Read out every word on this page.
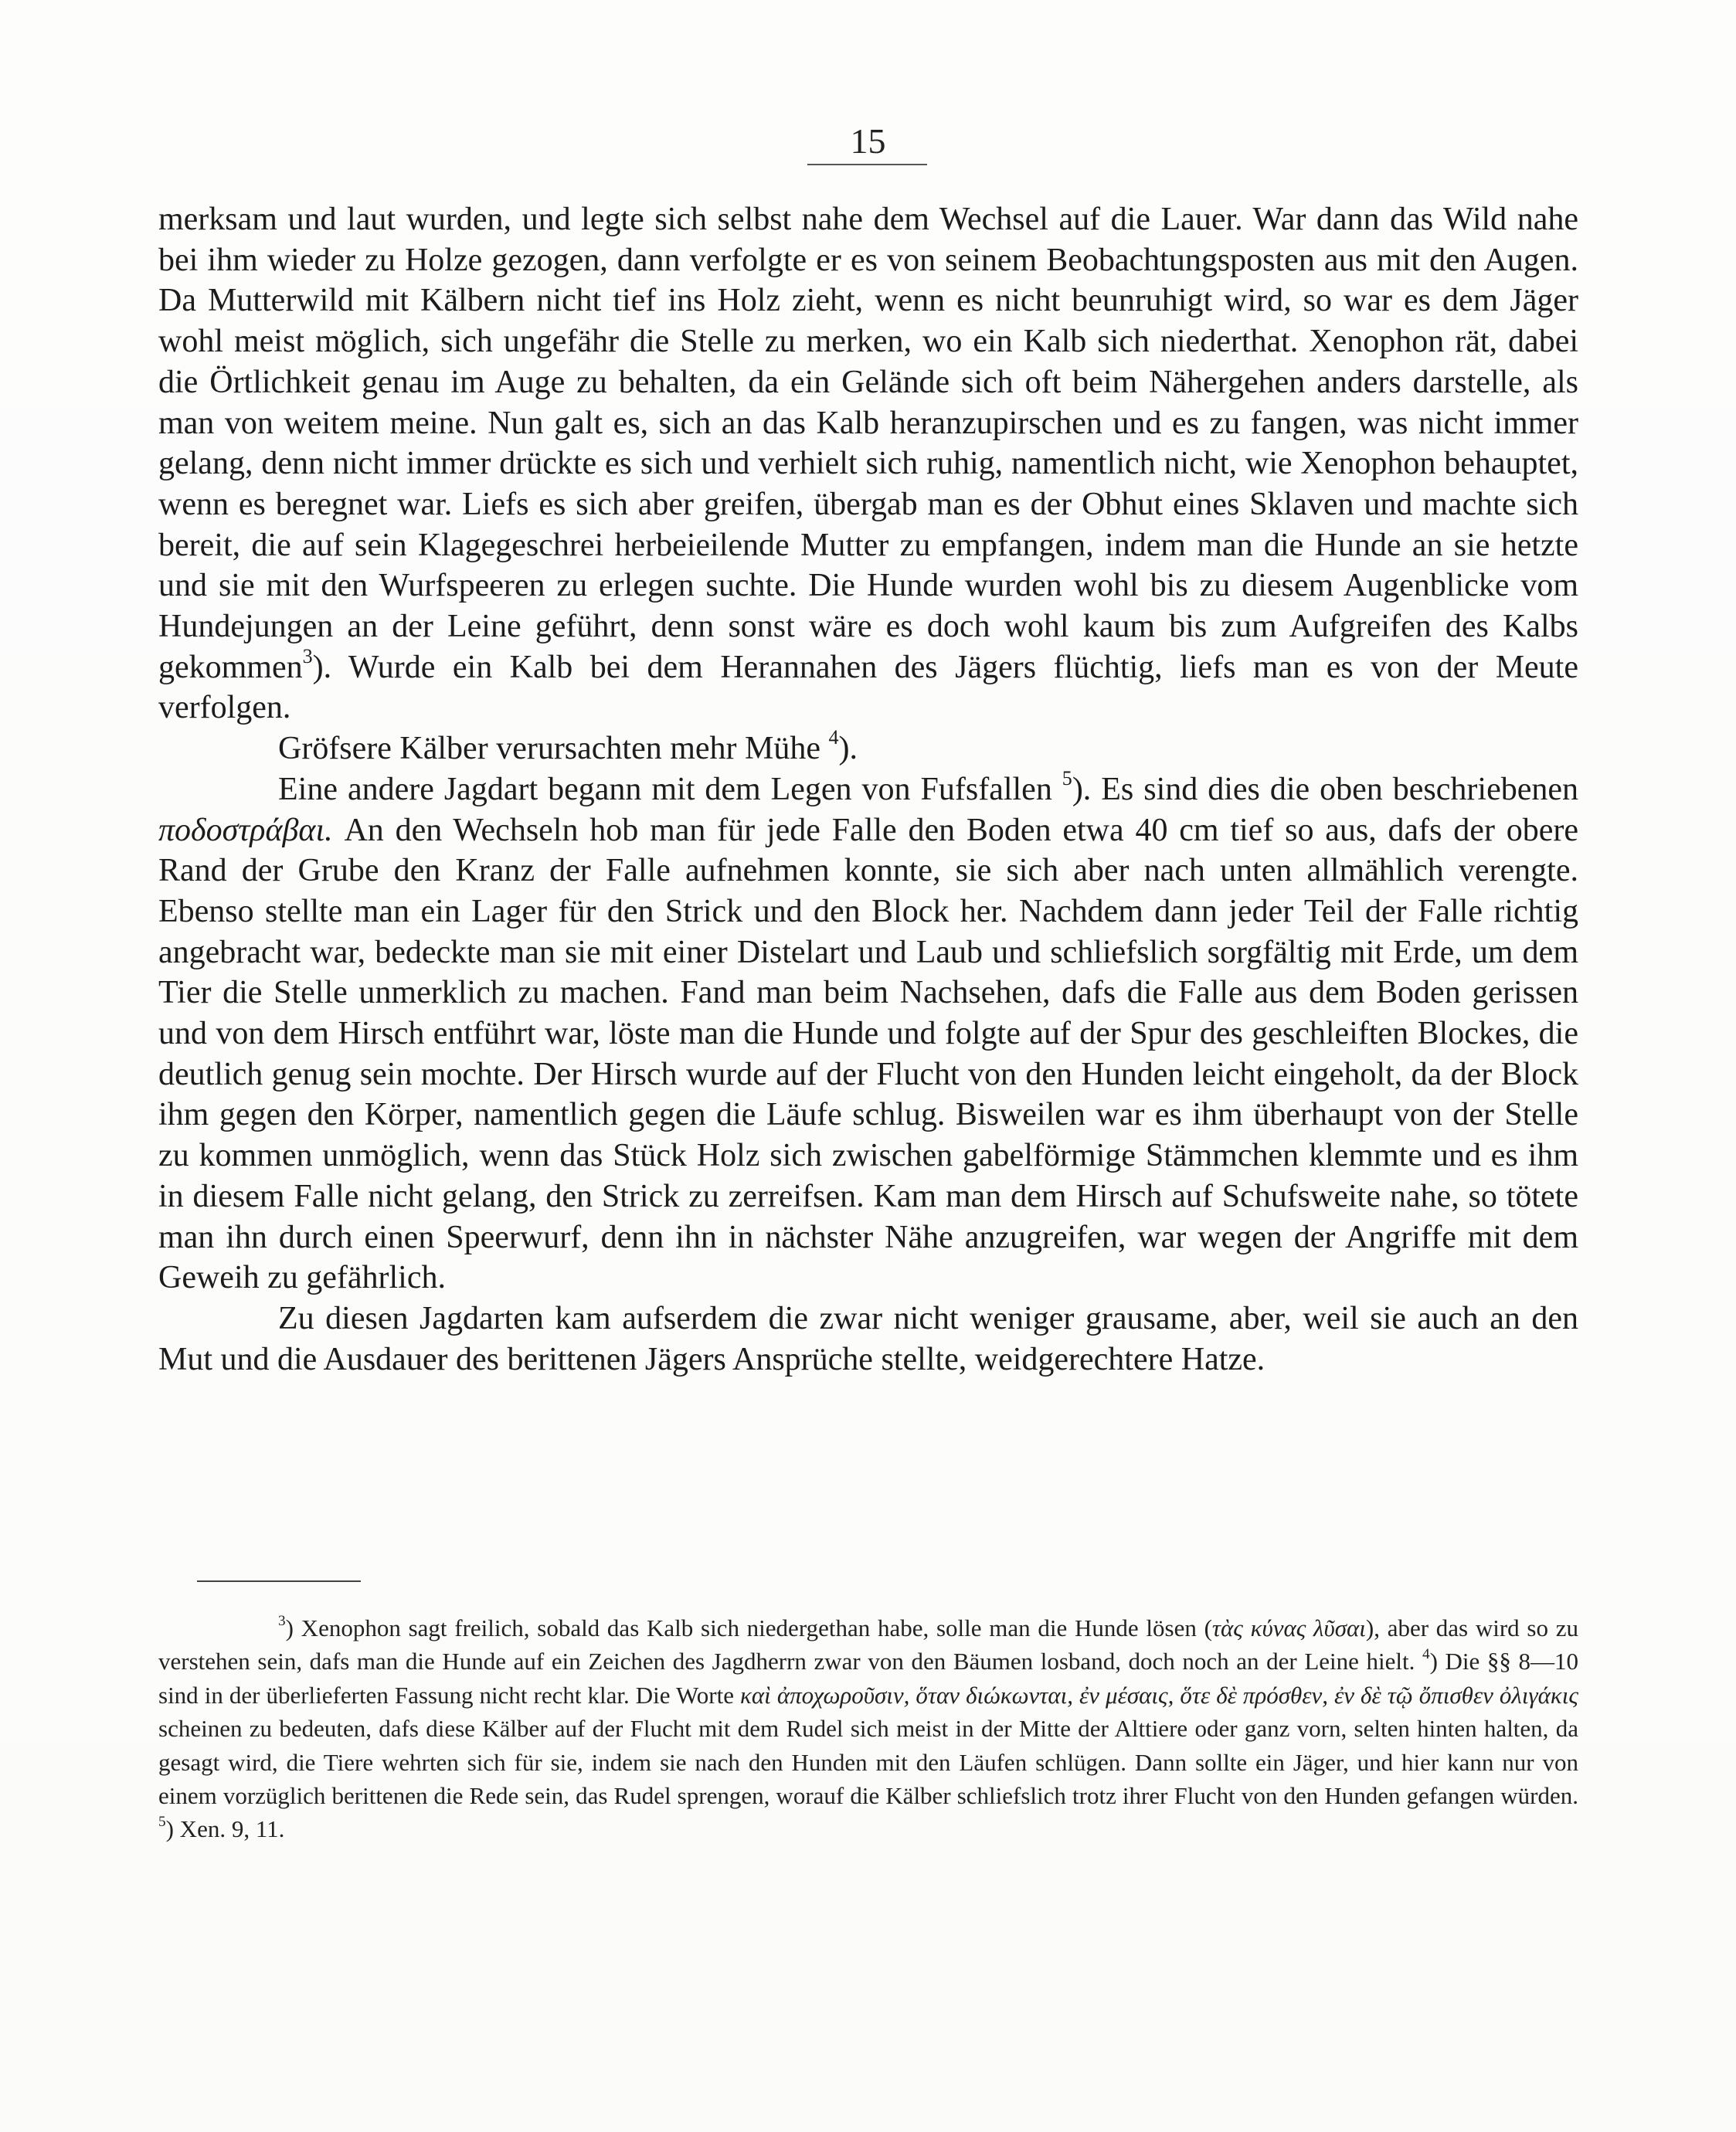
15

merksam und laut wurden, und legte sich selbst nahe dem Wechsel auf die Lauer. War dann das Wild nahe bei ihm wieder zu Holze gezogen, dann verfolgte er es von seinem Beobachtungsposten aus mit den Augen. Da Mutterwild mit Kälbern nicht tief ins Holz zieht, wenn es nicht beunruhigt wird, so war es dem Jäger wohl meist möglich, sich ungefähr die Stelle zu merken, wo ein Kalb sich niederthat. Xenophon rät, dabei die Örtlichkeit genau im Auge zu behalten, da ein Gelände sich oft beim Nähergehen anders darstelle, als man von weitem meine. Nun galt es, sich an das Kalb heranzupirschen und es zu fangen, was nicht immer gelang, denn nicht immer drückte es sich und verhielt sich ruhig, namentlich nicht, wie Xenophon behauptet, wenn es beregnet war. Liefs es sich aber greifen, übergab man es der Obhut eines Sklaven und machte sich bereit, die auf sein Klagegeschrei herbeieilende Mutter zu empfangen, indem man die Hunde an sie hetzte und sie mit den Wurfspeeren zu erlegen suchte. Die Hunde wurden wohl bis zu diesem Augenblicke vom Hundejungen an der Leine geführt, denn sonst wäre es doch wohl kaum bis zum Aufgreifen des Kalbs gekommen$^3$). Wurde ein Kalb bei dem Herannahen des Jägers flüchtig, liefs man es von der Meute verfolgen.

Gröfsere Kälber verursachten mehr Mühe $^4$).

Eine andere Jagdart begann mit dem Legen von Fufsfallen $^5$). Es sind dies die oben beschriebenen ποδοστράβαι. An den Wechseln hob man für jede Falle den Boden etwa 40 cm tief so aus, dafs der obere Rand der Grube den Kranz der Falle aufnehmen konnte, sie sich aber nach unten allmählich verengte. Ebenso stellte man ein Lager für den Strick und den Block her. Nachdem dann jeder Teil der Falle richtig angebracht war, bedeckte man sie mit einer Distelart und Laub und schliefslich sorgfältig mit Erde, um dem Tier die Stelle unmerklich zu machen. Fand man beim Nachsehen, dafs die Falle aus dem Boden gerissen und von dem Hirsch entführt war, löste man die Hunde und folgte auf der Spur des geschleiften Blockes, die deutlich genug sein mochte. Der Hirsch wurde auf der Flucht von den Hunden leicht eingeholt, da der Block ihm gegen den Körper, namentlich gegen die Läufe schlug. Bisweilen war es ihm überhaupt von der Stelle zu kommen unmöglich, wenn das Stück Holz sich zwischen gabelförmige Stämmchen klemmte und es ihm in diesem Falle nicht gelang, den Strick zu zerreifsen. Kam man dem Hirsch auf Schufsweite nahe, so tötete man ihn durch einen Speerwurf, denn ihn in nächster Nähe anzugreifen, war wegen der Angriffe mit dem Geweih zu gefährlich.

Zu diesen Jagdarten kam aufserdem die zwar nicht weniger grausame, aber, weil sie auch an den Mut und die Ausdauer des berittenen Jägers Ansprüche stellte, weidgerechtere Hatze.

$^3$) Xenophon sagt freilich, sobald das Kalb sich niedergethan habe, solle man die Hunde lösen (τὰς κύνας λῦσαι), aber das wird so zu verstehen sein, dafs man die Hunde auf ein Zeichen des Jagdherrn zwar von den Bäumen losband, doch noch an der Leine hielt. $^4$) Die §§ 8—10 sind in der überlieferten Fassung nicht recht klar. Die Worte καὶ ἀποχωροῦσιν, ὅταν διώκωνται, ἐν μέσαις, ὅτε δὲ πρόσθεν, ἐν δὲ τῷ ὄπισθεν ὀλιγάκις scheinen zu bedeuten, dafs diese Kälber auf der Flucht mit dem Rudel sich meist in der Mitte der Alttiere oder ganz vorn, selten hinten halten, da gesagt wird, die Tiere wehrten sich für sie, indem sie nach den Hunden mit den Läufen schlügen. Dann sollte ein Jäger, und hier kann nur von einem vorzüglich berittenen die Rede sein, das Rudel sprengen, worauf die Kälber schliefslich trotz ihrer Flucht von den Hunden gefangen würden. $^5$) Xen. 9, 11.
